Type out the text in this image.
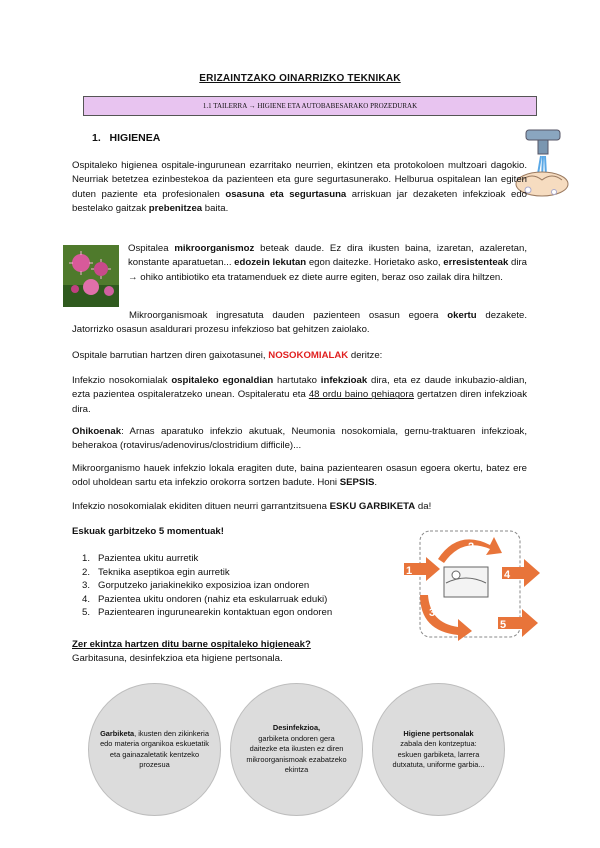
ERIZAINTZAKO OINARRIZKO TEKNIKAK
1.1 TAILERRA → HIGIENE ETA AUTOBABESARAKO PROZEDURAK
1. HIGIENEA
Ospitaleko higienea ospitale-ingurunean ezarritako neurrien, ekintzen eta protokoloen multzoari dagokio. Neurriak betetzea ezinbestekoa da pazienteen eta gure segurtasunerako. Helburua ospitalean lan egiten duten paziente eta profesionalen osasuna eta segurtasuna arriskuan jar dezaketen infekzioak edo bestelako gaitzak prebenitzea baita.
Ospitalea mikroorganismoz beteak daude. Ez dira ikusten baina, izaretan, azaleretan, konstante aparatuetan... edozein lekutan egon daitezke. Horietako asko, erresistenteak dira → ohiko antibiotiko eta tratamenduek ez diete aurre egiten, beraz oso zailak dira hiltzen.
Mikroorganismoak ingresatuta dauden pazienteen osasun egoera okertu dezakete. Jatorrizko osasun asaldurari prozesu infekzioso bat gehitzen zaiolako.
Ospitale barrutian hartzen diren gaixotasunei, NOSOKOMIALAK deritze:
Infekzio nosokomialak ospitaleko egonaldian hartutako infekzioak dira, eta ez daude inkubazio-aldian, ezta pazientea ospitaleratzeko unean. Ospitaleratu eta 48 ordu baino gehiagora gertatzen diren infekzioak dira.
Ohikoenak: Arnas aparatuko infekzio akutuak, Neumonia nosokomiala, gernu-traktuaren infekzioak, beherakoa (rotavirus/adenovirus/clostridium difficile)...
Mikroorganismo hauek infekzio lokala eragiten dute, baina pazientearen osasun egoera okertu, batez ere odol uholdean sartu eta infekzio orokorra sortzen badute. Honi SEPSIS.
Infekzio nosokomialak ekiditen dituen neurri garrantzitsuena ESKU GARBIKETA da!
Eskuak garbitzeko 5 momentuak!
1. Pazientea ukitu aurretik
2. Teknika aseptikoa egin aurretik
3. Gorputzeko jariakinekiko exposizioa izan ondoren
4. Pazientea ukitu ondoren (nahiz eta eskularruak eduki)
5. Pazientearen ingurunearekin kontaktuan egon ondoren
1
2
3
4
5
Zer ekintza hartzen ditu barne ospitaleko higieneak?
Garbitasuna, desinfekzioa eta higiene pertsonala.
Garbiketa, ikusten den zikinkeria edo materia organikoa eskuetatik eta gainazaletatik kentzeko prozesua
Desinfekzioa,
garbiketa ondoren gera daitezke eta ikusten ez diren mikroorganismoak ezabatzeko ekintza
Higiene pertsonalak
zabala den kontzeptua: eskuen garbiketa, larrera dutxatuta, uniforme garbia...
